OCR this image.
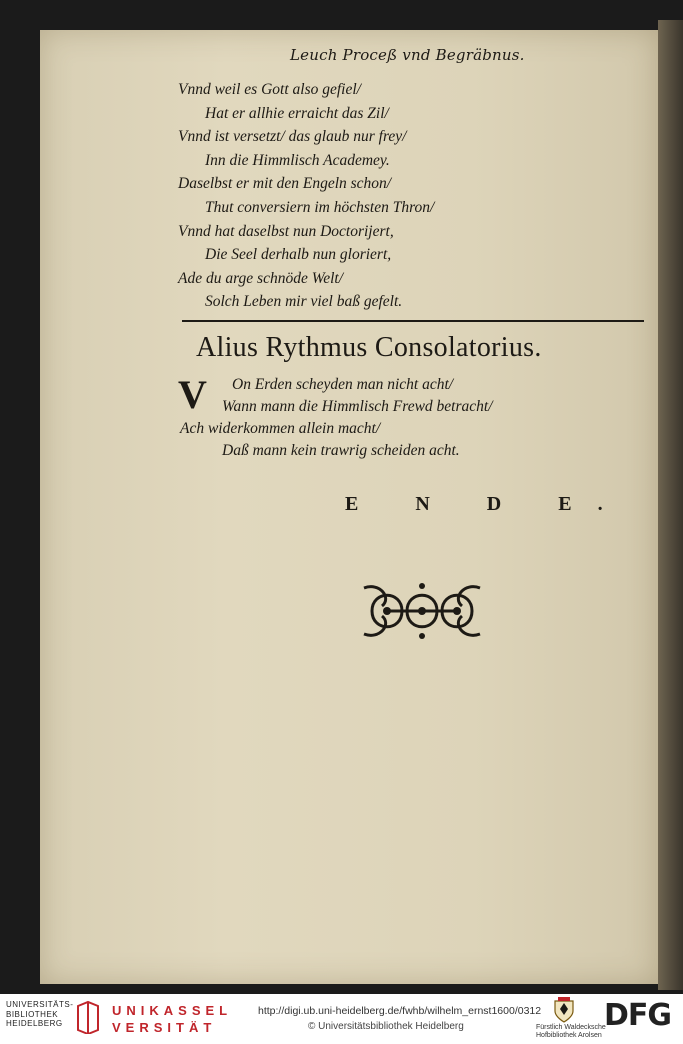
Leuch Proceß vnd Begräbnus.
Vnnd weil es Gott also gefiel/
Hat er allhie erraicht das Zil/
Vnnd ist versetzt/ das glaub nur frey/
Inn die Himmlisch Academey.
Daselbst er mit den Engeln schon/
Thut conversiern im höchsten Thron/
Vnnd hat daselbst nun Doctorijert,
Die Seel derhalb nun gloriert,
Ade du arge schnöde Welt/
Solch Leben mir viel baß gefelt.
Alius Rythmus Consolatorius.
V	On Erden scheyden man nicht acht/
Wann mann die Himmlisch Frewd betracht/
Ach widerkommen allein macht/
Daß mann kein trawrig scheiden acht.
E N D E.
UNIVERSITÄTS-
BIBLIOTHEK
HEIDELBERG
UNIKASSEL
VERSITÄT
http://digi.ub.uni-heidelberg.de/fwhb/wilhelm_ernst1600/0312
© Universitätsbibliothek Heidelberg	Fürstlich Waldecksche
Hofbibliothek Arolsen
DFG
